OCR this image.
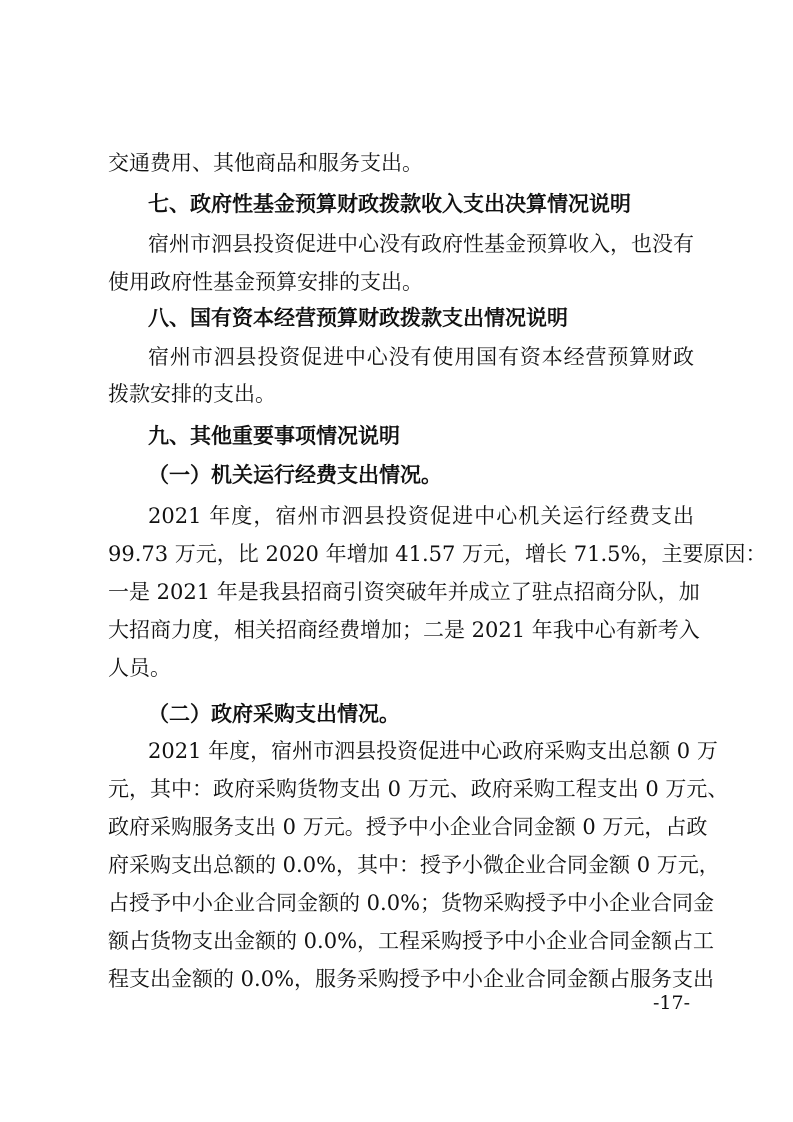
交通费用、其他商品和服务支出。
七、政府性基金预算财政拨款收入支出决算情况说明
宿州市泗县投资促进中心没有政府性基金预算收入，也没有
使用政府性基金预算安排的支出。
八、国有资本经营预算财政拨款支出情况说明
宿州市泗县投资促进中心没有使用国有资本经营预算财政
拨款安排的支出。
九、其他重要事项情况说明
（一）机关运行经费支出情况。
2021 年度，宿州市泗县投资促进中心机关运行经费支出
99.73 万元，比 2020 年增加 41.57 万元，增长 71.5%，主要原因：
一是 2021 年是我县招商引资突破年并成立了驻点招商分队，加
大招商力度，相关招商经费增加；二是 2021 年我中心有新考入
人员。
（二）政府采购支出情况。
2021 年度，宿州市泗县投资促进中心政府采购支出总额 0 万
元，其中：政府采购货物支出 0 万元、政府采购工程支出 0 万元、
政府采购服务支出 0 万元。授予中小企业合同金额 0 万元，占政
府采购支出总额的 0.0%，其中：授予小微企业合同金额 0 万元，
占授予中小企业合同金额的 0.0%；货物采购授予中小企业合同金
额占货物支出金额的 0.0%，工程采购授予中小企业合同金额占工
程支出金额的 0.0%，服务采购授予中小企业合同金额占服务支出
-17-
